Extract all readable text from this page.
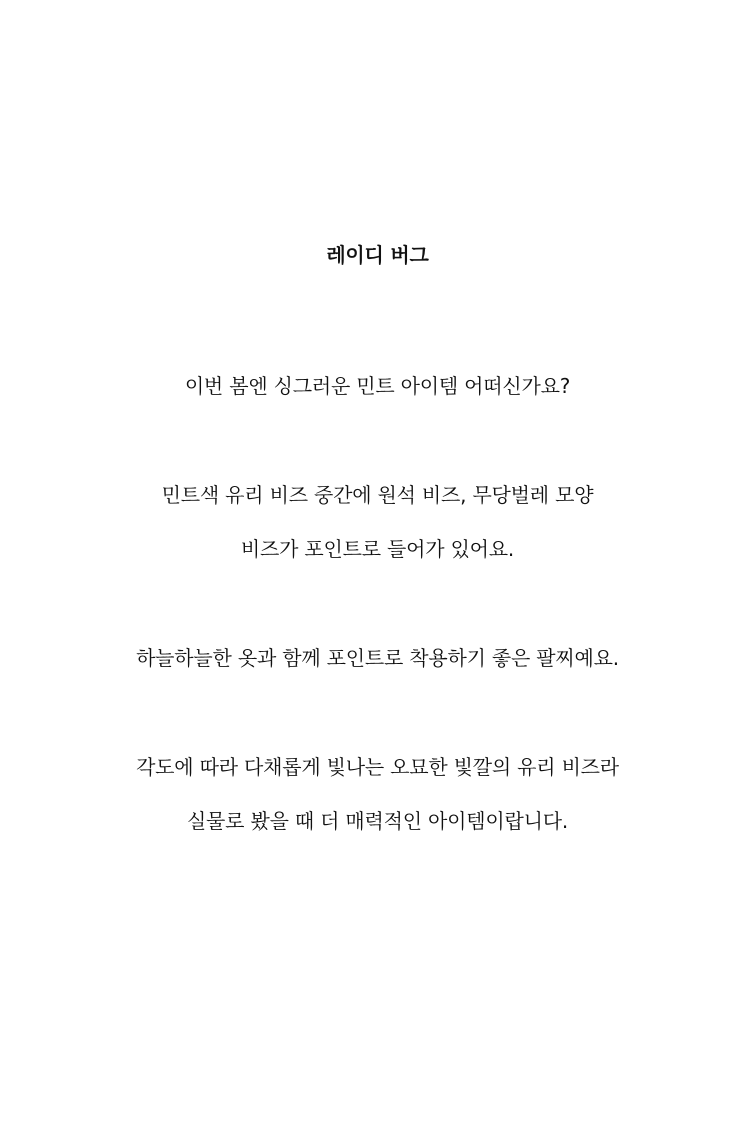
레이디 버그
이번 봄엔 싱그러운 민트 아이템 어떠신가요?
민트색 유리 비즈 중간에 원석 비즈, 무당벌레 모양
비즈가 포인트로 들어가 있어요.
하늘하늘한 옷과 함께 포인트로 착용하기 좋은 팔찌예요.
각도에 따라 다채롭게 빛나는 오묘한 빛깔의 유리 비즈라
실물로 봤을 때 더 매력적인 아이템이랍니다.
